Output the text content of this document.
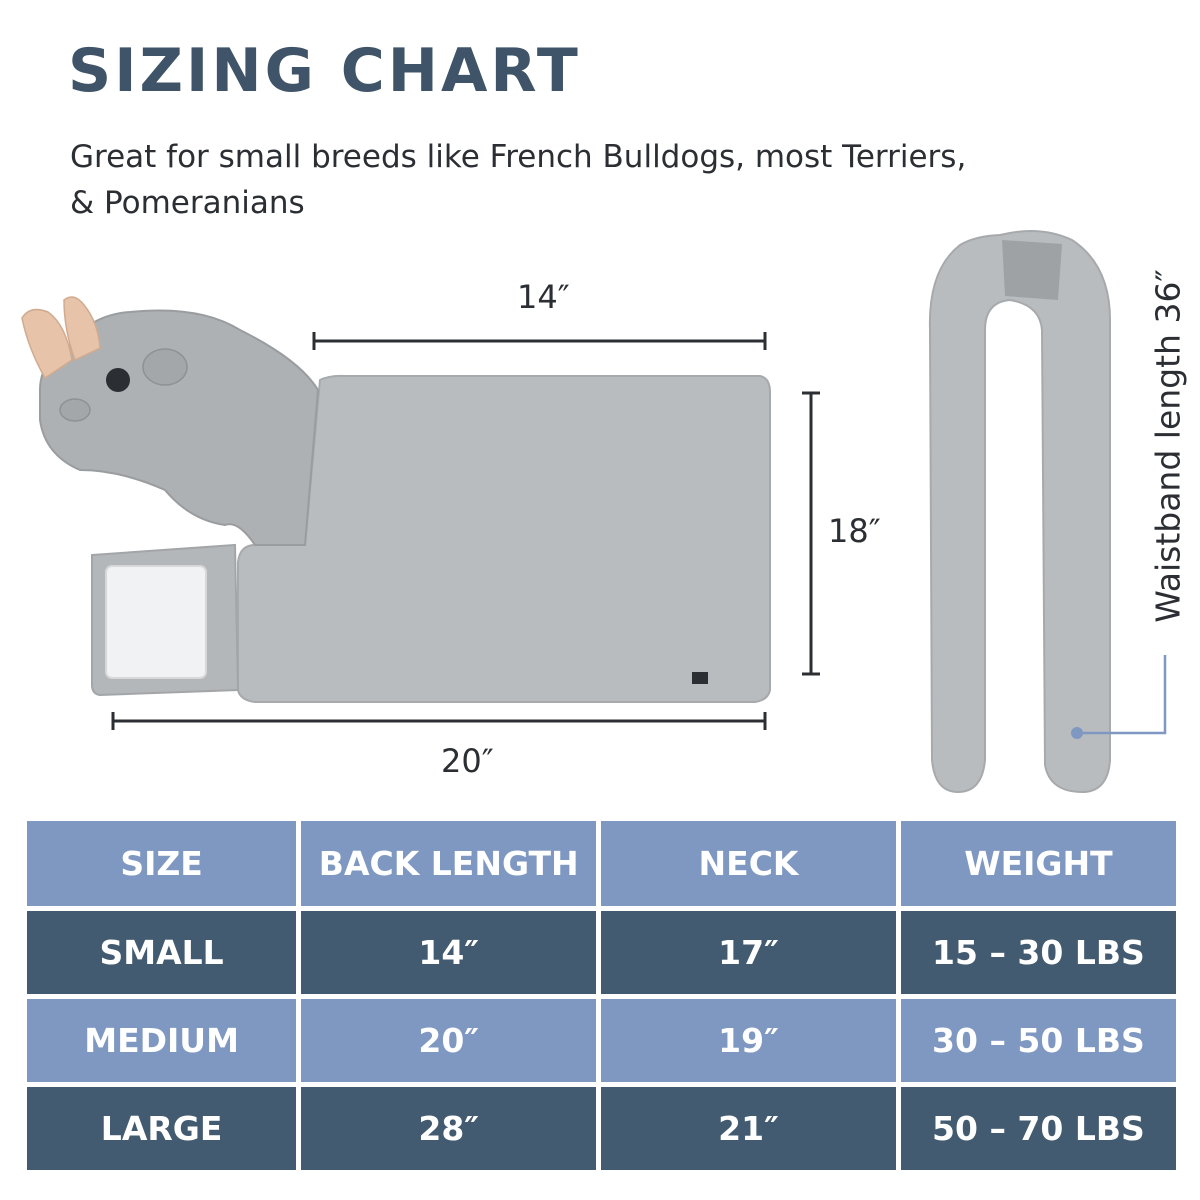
SIZING CHART

Great for small breeds like French Bulldogs, most Terriers, & Pomeranians

14″
18″
20″
Waistband length 36″
SIZE	BACK LENGTH	NECK	WEIGHT
SMALL	14″	17″	15 – 30 LBS
MEDIUM	20″	19″	30 – 50 LBS
LARGE	28″	21″	50 – 70 LBS
